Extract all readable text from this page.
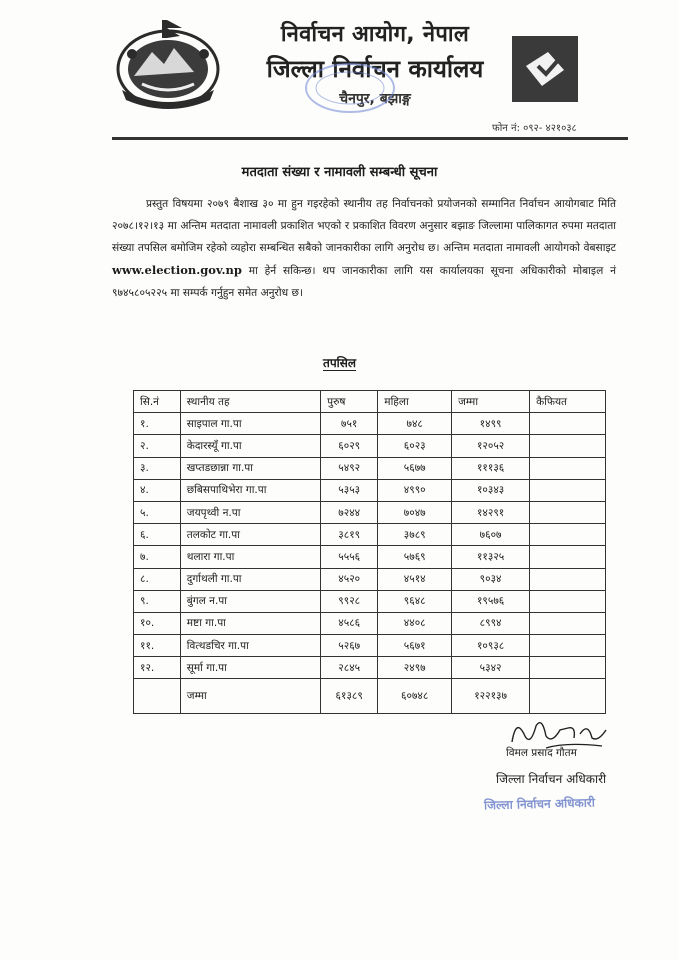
निर्वाचन आयोग, नेपाल
जिल्ला निर्वाचन कार्यालय
चैनपुर, बझाङ्ग
फोन नं: ०९२- ४२१०३८
मतदाता संख्या र नामावली सम्बन्धी सूचना
प्रस्तुत विषयमा २०७९ बैशाख ३० मा हुन गइरहेको स्थानीय तह निर्वाचनको प्रयोजनको सम्मानित निर्वाचन आयोगबाट मिति २०७८।१२।१३ मा अन्तिम मतदाता नामावली प्रकाशित भएको र प्रकाशित विवरण अनुसार बझाङ जिल्लामा पालिकागत रुपमा मतदाता संख्या तपसिल बमोजिम रहेको व्यहोरा सम्बन्धित सबैको जानकारीका लागि अनुरोध छ। अन्तिम मतदाता नामावली आयोगको वेबसाइट www.election.gov.np मा हेर्न सकिन्छ। थप जानकारीका लागि यस कार्यालयका सूचना अधिकारीको मोबाइल नं ९७४५८०५२२५ मा सम्पर्क गर्नुहुन समेत अनुरोध छ।
तपसिल
सि.नं	स्थानीय तह	पुरुष	महिला	जम्मा	कैफियत
१.	साइपाल गा.पा	७५१	७४८	१४९९	
२.	केदारस्यूँ गा.पा	६०२९	६०२३	१२०५२	
३.	खप्तडछान्ना गा.पा	५४९२	५६७७	१११३६	
४.	छबिसपाथिभेरा गा.पा	५३५३	४९९०	१०३४३	
५.	जयपृथ्वी न.पा	७२४४	७०४७	१४२९१	
६.	तलकोट गा.पा	३८१९	३७८९	७६०७	
७.	थलारा गा.पा	५५५६	५७६९	११३२५	
८.	दुर्गाथली गा.पा	४५२०	४५१४	९०३४	
९.	बुंगल न.पा	९९२८	९६४८	१९५७६	
१०.	मष्टा गा.पा	४५८६	४४०८	८९९४	
११.	वित्थडचिर गा.पा	५२६७	५६७१	१०९३८	
१२.	सूर्मा गा.पा	२८४५	२४९७	५३४२	
	जम्मा	६१३८९	६०७४८	१२२१३७	
विमल प्रसाद गौतम
जिल्ला निर्वाचन अधिकारी
जिल्ला निर्वाचन अधिकारी
